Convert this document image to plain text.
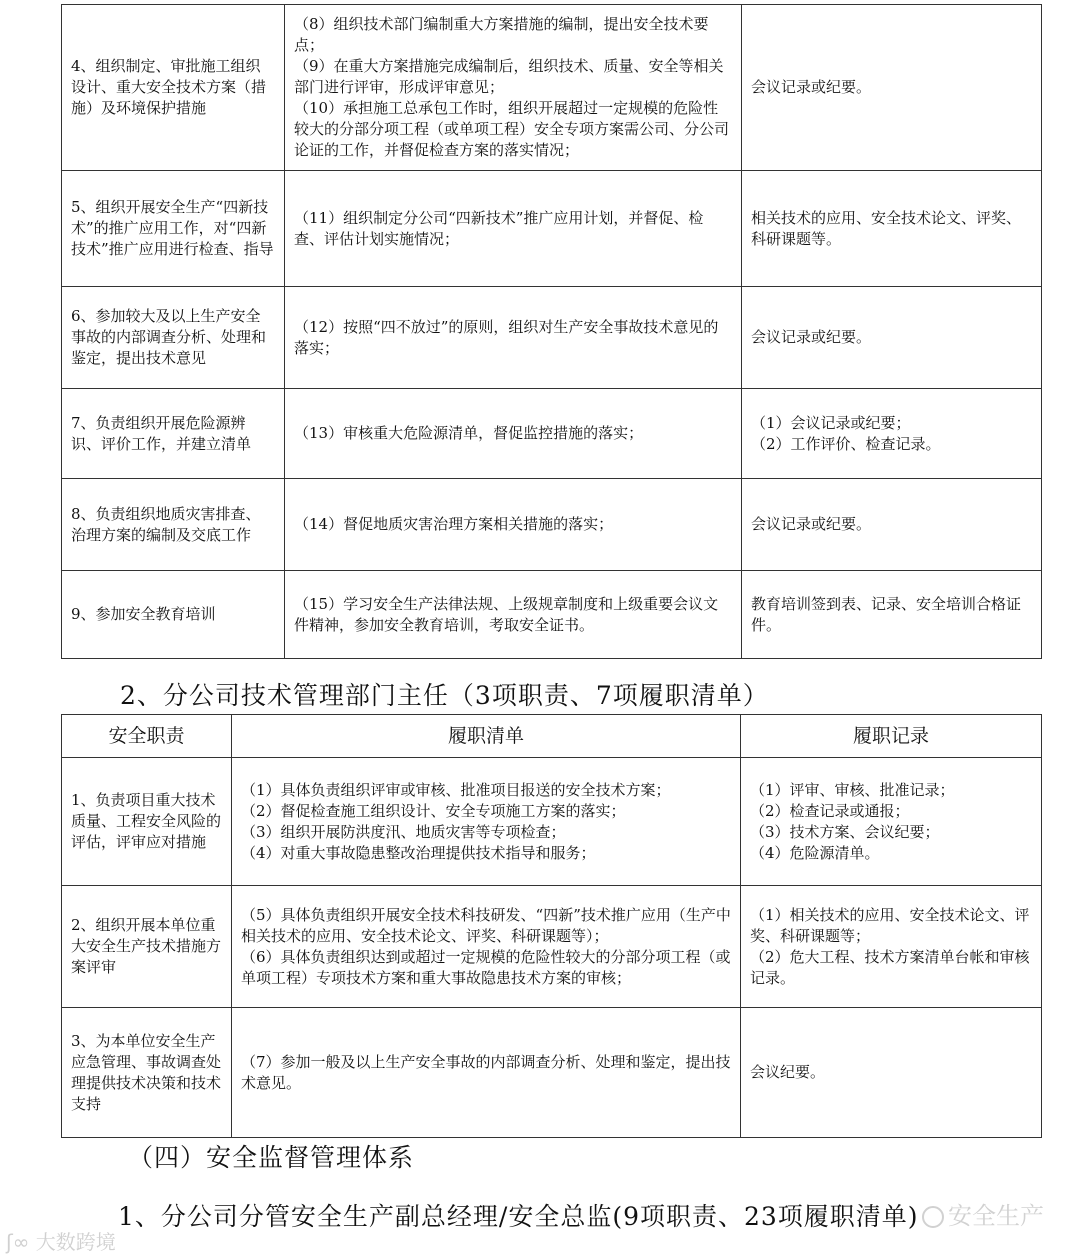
4、组织制定、审批施工组织设计、重大安全技术方案（措施）及环境保护措施	（8）组织技术部门编制重大方案措施的编制，提出安全技术要点；
（9）在重大方案措施完成编制后，组织技术、质量、安全等相关部门进行评审，形成评审意见；
（10）承担施工总承包工作时，组织开展超过一定规模的危险性较大的分部分项工程（或单项工程）安全专项方案需公司、分公司论证的工作，并督促检查方案的落实情况；	会议记录或纪要。

5、组织开展安全生产“四新技术”的推广应用工作，对“四新技术”推广应用进行检查、指导	（11）组织制定分公司“四新技术”推广应用计划，并督促、检查、评估计划实施情况；	相关技术的应用、安全技术论文、评奖、科研课题等。

6、参加较大及以上生产安全事故的内部调查分析、处理和鉴定，提出技术意见	（12）按照“四不放过”的原则，组织对生产安全事故技术意见的落实；	会议记录或纪要。

7、负责组织开展危险源辨识、评价工作，并建立清单	（13）审核重大危险源清单，督促监控措施的落实；	（1）会议记录或纪要；
（2）工作评价、检查记录。

8、负责组织地质灾害排查、治理方案的编制及交底工作	（14）督促地质灾害治理方案相关措施的落实；	会议记录或纪要。

9、参加安全教育培训	（15）学习安全生产法律法规、上级规章制度和上级重要会议文件精神，参加安全教育培训，考取安全证书。	教育培训签到表、记录、安全培训合格证件。
2、分公司技术管理部门主任（3项职责、7项履职清单）
安全职责	履职清单	履职记录
1、负责项目重大技术质量、工程安全风险的评估，评审应对措施	（1）具体负责组织评审或审核、批准项目报送的安全技术方案；
（2）督促检查施工组织设计、安全专项施工方案的落实；
（3）组织开展防洪度汛、地质灾害等专项检查；
（4）对重大事故隐患整改治理提供技术指导和服务；	（1）评审、审核、批准记录；
（2）检查记录或通报；
（3）技术方案、会议纪要；
（4）危险源清单。

2、组织开展本单位重大安全生产技术措施方案评审	（5）具体负责组织开展安全技术科技研发、“四新”技术推广应用（生产中相关技术的应用、安全技术论文、评奖、科研课题等）；
（6）具体负责组织达到或超过一定规模的危险性较大的分部分项工程（或单项工程）专项技术方案和重大事故隐患技术方案的审核；	（1）相关技术的应用、安全技术论文、评奖、科研课题等；
（2）危大工程、技术方案清单台帐和审核记录。

3、为本单位安全生产应急管理、事故调查处理提供技术决策和技术支持	（7）参加一般及以上生产安全事故的内部调查分析、处理和鉴定，提出技术意见。	会议纪要。
（四）安全监督管理体系
1、分公司分管安全生产副总经理/安全总监(9项职责、23项履职清单)	安全生产
ʃ∞ 大数跨境
